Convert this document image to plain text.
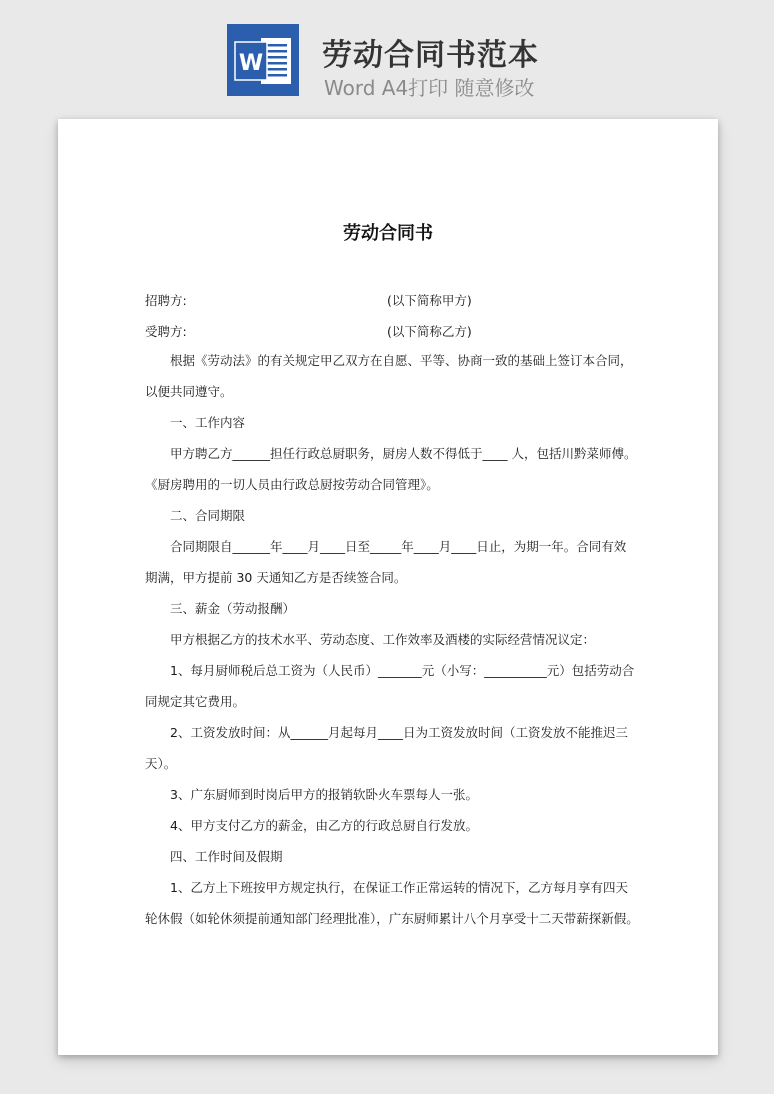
W 劳动合同书范本
Word A4打印 随意修改
劳动合同书
招聘方:	(以下简称甲方)
受聘方:	(以下简称乙方)
根据《劳动法》的有关规定甲乙双方在自愿、平等、协商一致的基础上签订本合同，
以便共同遵守。
一、工作内容
甲方聘乙方______担任行政总厨职务，厨房人数不得低于____ 人，包括川黔菜师傅。
《厨房聘用的一切人员由行政总厨按劳动合同管理》。
二、合同期限
合同期限自______年____月____日至_____年____月____日止，为期一年。合同有效
期满，甲方提前 30 天通知乙方是否续签合同。
三、薪金（劳动报酬）
甲方根据乙方的技术水平、劳动态度、工作效率及酒楼的实际经营情况议定：
1、每月厨师税后总工资为（人民币）_______元（小写：__________元）包括劳动合
同规定其它费用。
2、工资发放时间：从______月起每月____日为工资发放时间（工资发放不能推迟三
天）。
3、广东厨师到时岗后甲方的报销软卧火车票每人一张。
4、甲方支付乙方的薪金，由乙方的行政总厨自行发放。
四、工作时间及假期
1、乙方上下班按甲方规定执行，在保证工作正常运转的情况下，乙方每月享有四天
轮休假（如轮休须提前通知部门经理批准），广东厨师累计八个月享受十二天带薪探新假。
